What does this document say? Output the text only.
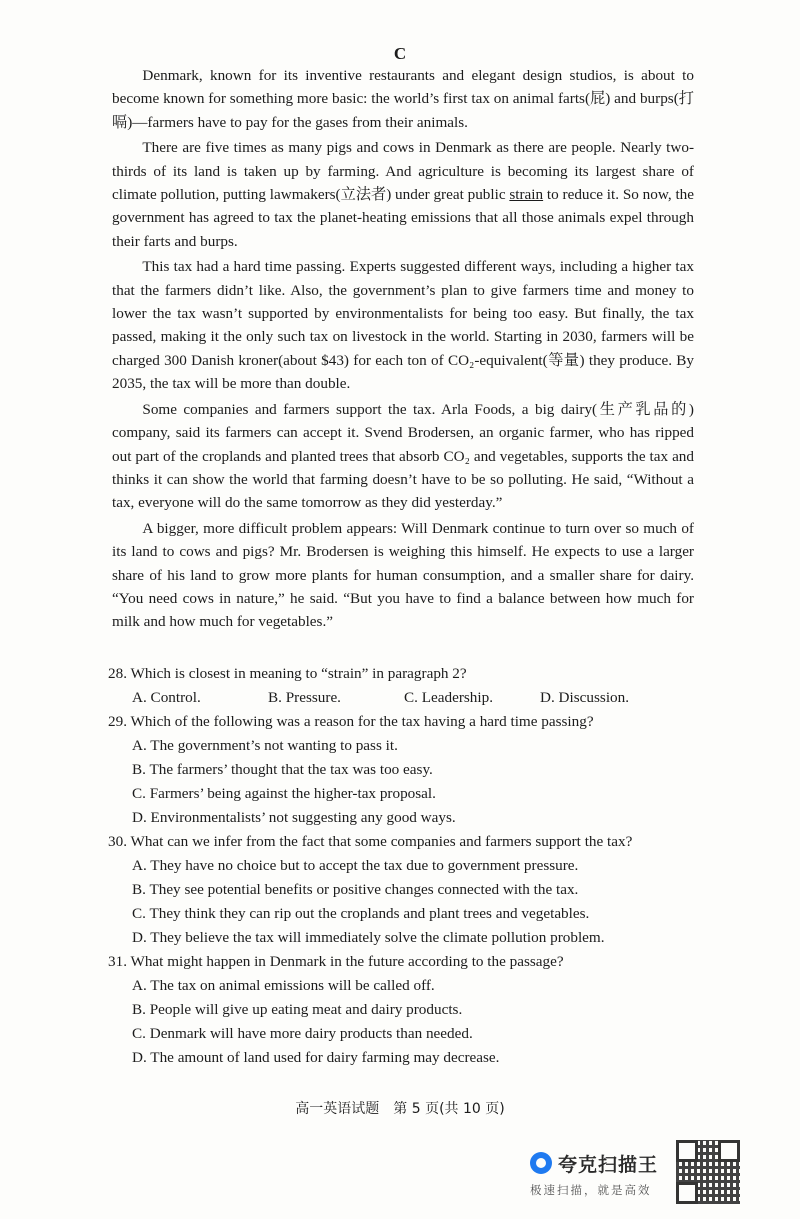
C

Denmark, known for its inventive restaurants and elegant design studios, is about to become known for something more basic: the world’s first tax on animal farts(屁) and burps(打嗝)—farmers have to pay for the gases from their animals.

There are five times as many pigs and cows in Denmark as there are people. Nearly two-thirds of its land is taken up by farming. And agriculture is becoming its largest share of climate pollution, putting lawmakers(立法者) under great public strain to reduce it. So now, the government has agreed to tax the planet-heating emissions that all those animals expel through their farts and burps.

This tax had a hard time passing. Experts suggested different ways, including a higher tax that the farmers didn’t like. Also, the government’s plan to give farmers time and money to lower the tax wasn’t supported by environmentalists for being too easy. But finally, the tax passed, making it the only such tax on livestock in the world. Starting in 2030, farmers will be charged 300 Danish kroner(about $43) for each ton of CO₂-equivalent(等量) they produce. By 2035, the tax will be more than double.

Some companies and farmers support the tax. Arla Foods, a big dairy(生产乳品的) company, said its farmers can accept it. Svend Brodersen, an organic farmer, who has ripped out part of the croplands and planted trees that absorb CO₂ and vegetables, supports the tax and thinks it can show the world that farming doesn’t have to be so polluting. He said, “Without a tax, everyone will do the same tomorrow as they did yesterday.”

A bigger, more difficult problem appears: Will Denmark continue to turn over so much of its land to cows and pigs? Mr. Brodersen is weighing this himself. He expects to use a larger share of his land to grow more plants for human consumption, and a smaller share for dairy. “You need cows in nature,” he said. “But you have to find a balance between how much for milk and how much for vegetables.”

28. Which is closest in meaning to “strain” in paragraph 2?

A. Control.	B. Pressure.	C. Leadership.	D. Discussion.

29. Which of the following was a reason for the tax having a hard time passing?

A. The government’s not wanting to pass it.

B. The farmers’ thought that the tax was too easy.

C. Farmers’ being against the higher-tax proposal.

D. Environmentalists’ not suggesting any good ways.

30. What can we infer from the fact that some companies and farmers support the tax?

A. They have no choice but to accept the tax due to government pressure.

B. They see potential benefits or positive changes connected with the tax.

C. They think they can rip out the croplands and plant trees and vegetables.

D. They believe the tax will immediately solve the climate pollution problem.

31. What might happen in Denmark in the future according to the passage?

A. The tax on animal emissions will be called off.

B. People will give up eating meat and dairy products.

C. Denmark will have more dairy products than needed.

D. The amount of land used for dairy farming may decrease.

高一英语试题　第 5 页(共 10 页)
夸克扫描王
极速扫描，就是高效
